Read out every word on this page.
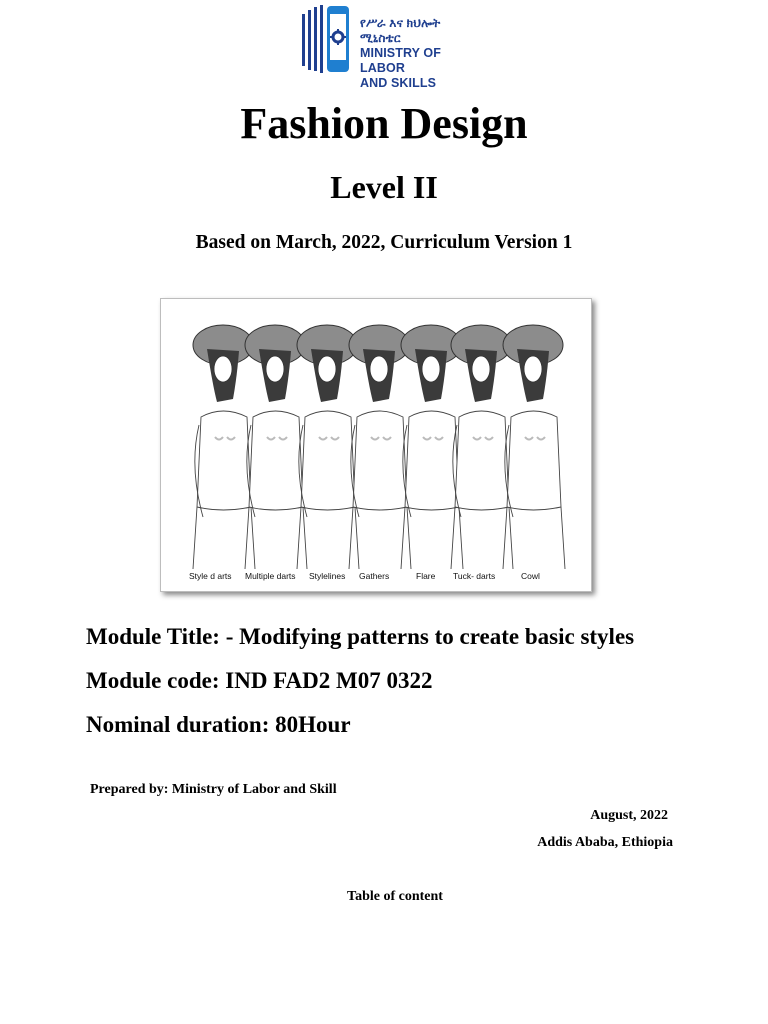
የሥራ እና ክህሎት ሚኒስቴር
MINISTRY OF LABOR
AND SKILLS
Fashion Design
Level II
Based on March, 2022, Curriculum Version 1
Style d arts Multiple darts Stylelines Gathers	Flare Tuck- darts	Cowl
Module Title: - Modifying patterns to create basic styles
Module code: IND FAD2 M07 0322
Nominal duration: 80Hour
Prepared by: Ministry of Labor and Skill
August, 2022
Addis Ababa, Ethiopia
Table of content
